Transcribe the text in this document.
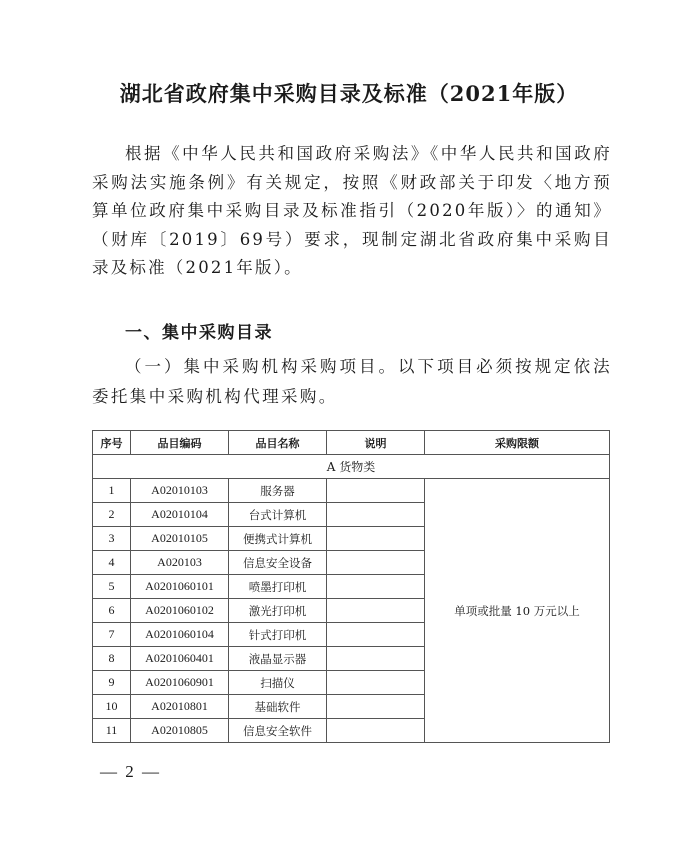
湖北省政府集中采购目录及标准（2021年版）
根据《中华人民共和国政府采购法》《中华人民共和国政府采购法实施条例》有关规定，按照《财政部关于印发〈地方预算单位政府集中采购目录及标准指引（2020年版）〉的通知》（财库〔2019〕69号）要求，现制定湖北省政府集中采购目录及标准（2021年版）。
一、集中采购目录
（一）集中采购机构采购项目。以下项目必须按规定依法委托集中采购机构代理采购。
序号	品目编码	品目名称	说明	采购限额
A 货物类				
1	A02010103	服务器		单项或批量 10 万元以上
2	A02010104	台式计算机		
3	A02010105	便携式计算机		
4	A020103	信息安全设备		
5	A0201060101	喷墨打印机		
6	A0201060102	激光打印机		
7	A0201060104	针式打印机		
8	A0201060401	液晶显示器		
9	A0201060901	扫描仪		
10	A02010801	基础软件		
11	A02010805	信息安全软件		
— 2 —
